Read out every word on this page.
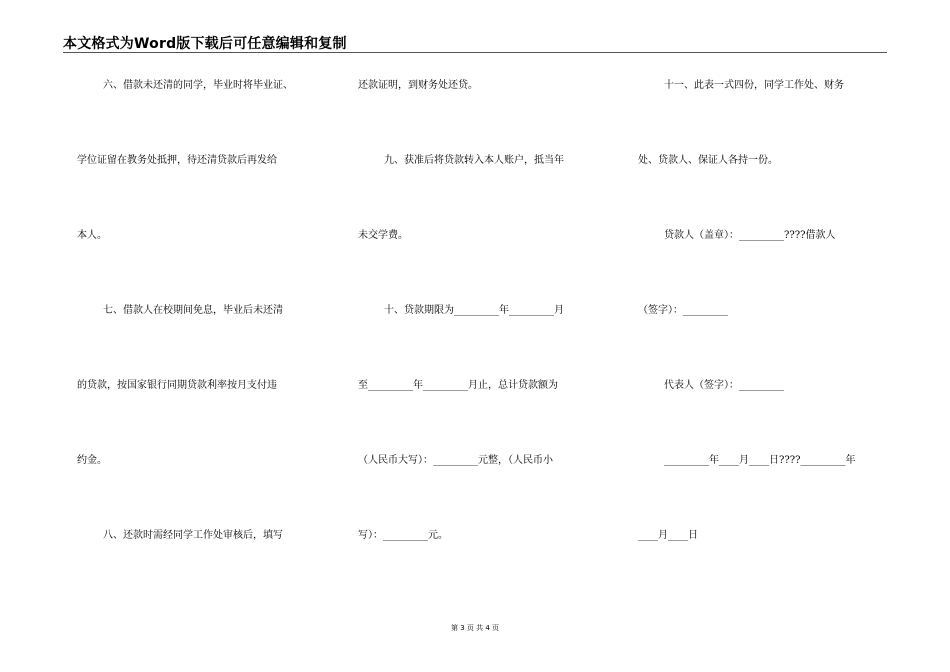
本文格式为Word版下载后可任意编辑和复制
六、借款未还清的同学，毕业时将毕业证、
学位证留在教务处抵押，待还清贷款后再发给
本人。
七、借款人在校期间免息，毕业后未还清
的贷款，按国家银行同期贷款利率按月支付违
约金。
八、还款时需经同学工作处审核后，填写
还款证明，到财务处还贷。
九、获准后将贷款转入本人账户，抵当年
未交学费。
十、贷款期限为_________年_________月
至_________年_________月止，总计贷款额为
（人民币大写）：_________元整，（人民币小
写）：_________元。
十一、此表一式四份，同学工作处、财务
处、贷款人、保证人各持一份。
贷款人（盖章）：_________????借款人
（签字）：_________
代表人（签字）：_________
_________年____月____日????_________年
____月____日
第 3 页 共 4 页
